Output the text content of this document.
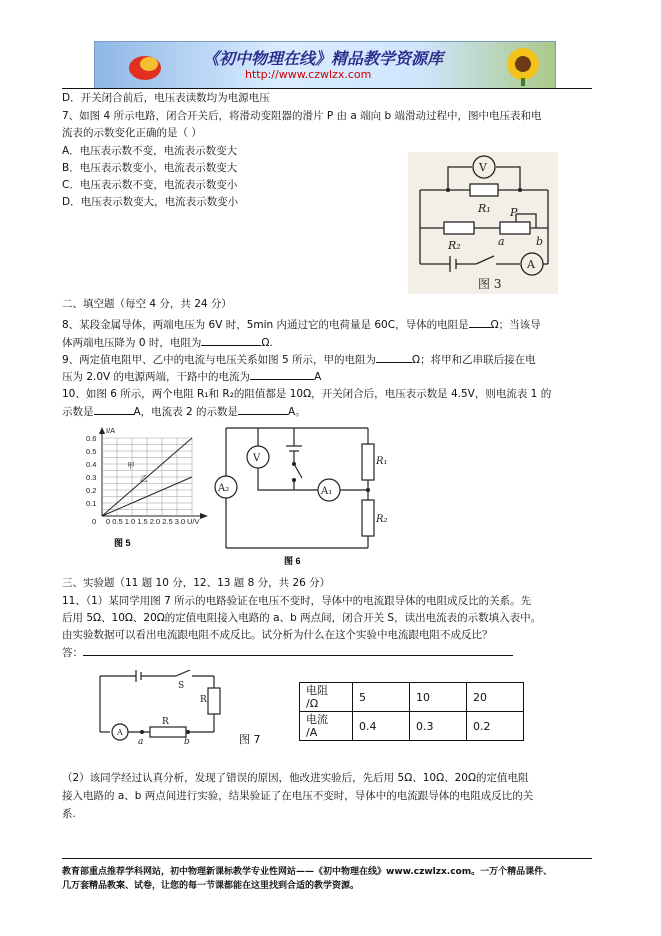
《初中物理在线》精品教学资源库
http://www.czwlzx.com
D．开关闭合前后，电压表读数均为电源电压
7、如图 4 所示电路，闭合开关后，将滑动变阻器的滑片 P 由 a 端向 b 端滑动过程中，图中电压表和电
流表的示数变化正确的是（ ）
A．电压表示数不变，电流表示数变大
B．电压表示数变小，电流表示数变大
C．电压表示数不变，电流表示数变小
D．电压表示数变大，电流表示数变小
V
R₁ P
R₂	a	b
A
图 3
二、填空题（每空 4 分，共 24 分）
8、某段金属导体，两端电压为 6V 时，5min 内通过它的电荷量是 60C，导体的电阻是 Ω；当该导
体两端电压降为 0 时，电阻为	Ω.
9、两定值电阻甲、乙中的电流与电压关系如图 5 所示，甲的电阻为	Ω；将甲和乙串联后接在电
压为 2.0V 的电源两端，干路中的电流为	A
10、如图 6 所示，两个电阻 R₁和 R₂的阻值都是 10Ω，开关闭合后，电压表示数是 4.5V，则电流表 1 的
示数是	A，电流表 2 的示数是	A。
0.6
0.5
0.4
0.3
0.2
0.1
I/A
0 0 0.5 1.0 1.5 2.0 2.5 3.0 U/V
甲
乙
图 5
V
A₂	A₁
R₁
R₂
图 6
三、实验题（11 题 10 分，12、13 题 8 分，共 26 分）
11、（1）某同学用图 7 所示的电路验证在电压不变时，导体中的电流跟导体的电阻成反比的关系。先
后用 5Ω、10Ω、20Ω的定值电阻接入电路的 a、b 两点间，闭合开关 S，读出电流表的示数填入表中。
由实验数据可以看出电流跟电阻不成反比。试分析为什么在这个实验中电流跟电阻不成反比？
答：
S
R'
A
R
a	b	图 7
电阻
/Ω	5	10	20
电流
/A	0.4	0.3	0.2
（2）该同学经过认真分析，发现了错误的原因，他改进实验后，先后用 5Ω、10Ω、20Ω的定值电阻
接入电路的 a、b 两点间进行实验，结果验证了在电压不变时，导体中的电流跟导体的电阻成反比的关
系.
教育部重点推荐学科网站，初中物理新课标教学专业性网站——《初中物理在线》www.czwlzx.com。一万个精品课件、
几万套精品教案、试卷，让您的每一节课都能在这里找到合适的教学资源。
